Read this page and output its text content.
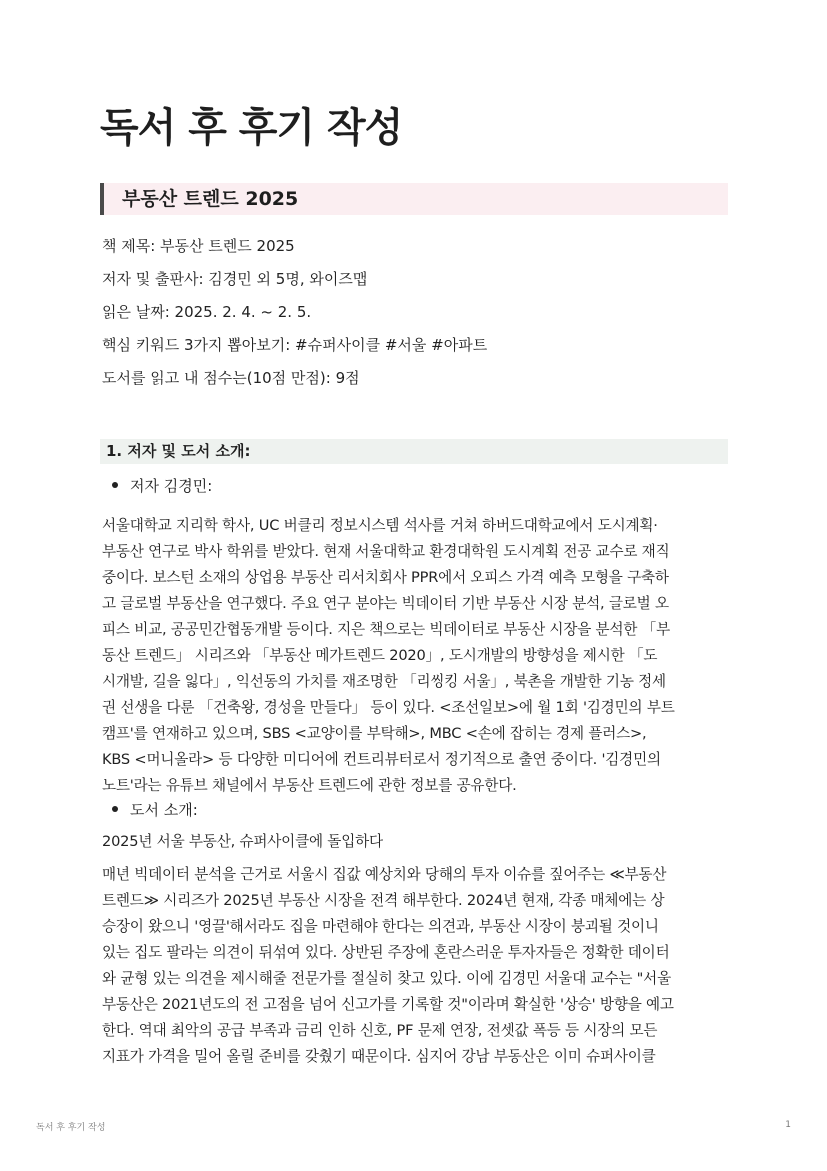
독서 후 후기 작성
부동산 트렌드 2025
책 제목: 부동산 트렌드 2025
저자 및 출판사: 김경민 외 5명, 와이즈맵
읽은 날짜: 2025. 2. 4. ~ 2. 5.
핵심 키워드 3가지 뽑아보기: #슈퍼사이클 #서울 #아파트
도서를 읽고 내 점수는(10점 만점): 9점
1. 저자 및 도서 소개:
저자 김경민:
서울대학교 지리학 학사, UC 버클리 정보시스템 석사를 거쳐 하버드대학교에서 도시계획·
부동산 연구로 박사 학위를 받았다. 현재 서울대학교 환경대학원 도시계획 전공 교수로 재직
중이다. 보스턴 소재의 상업용 부동산 리서치회사 PPR에서 오피스 가격 예측 모형을 구축하
고 글로벌 부동산을 연구했다. 주요 연구 분야는 빅데이터 기반 부동산 시장 분석, 글로벌 오
피스 비교, 공공민간협동개발 등이다. 지은 책으로는 빅데이터로 부동산 시장을 분석한 「부
동산 트렌드」 시리즈와 「부동산 메가트렌드 2020」, 도시개발의 방향성을 제시한 「도
시개발, 길을 잃다」, 익선동의 가치를 재조명한 「리씽킹 서울」, 북촌을 개발한 기농 정세
권 선생을 다룬 「건축왕, 경성을 만들다」 등이 있다. <조선일보>에 월 1회 '김경민의 부트
캠프'를 연재하고 있으며, SBS <교양이를 부탁해>, MBC <손에 잡히는 경제 플러스>,
KBS <머니올라> 등 다양한 미디어에 컨트리뷰터로서 정기적으로 출연 중이다. '김경민의
노트'라는 유튜브 채널에서 부동산 트렌드에 관한 정보를 공유한다.
도서 소개:
2025년 서울 부동산, 슈퍼사이클에 돌입하다
매년 빅데이터 분석을 근거로 서울시 집값 예상치와 당해의 투자 이슈를 짚어주는 ≪부동산
트렌드≫ 시리즈가 2025년 부동산 시장을 전격 해부한다. 2024년 현재, 각종 매체에는 상
승장이 왔으니 '영끌'해서라도 집을 마련해야 한다는 의견과, 부동산 시장이 붕괴될 것이니
있는 집도 팔라는 의견이 뒤섞여 있다. 상반된 주장에 혼란스러운 투자자들은 정확한 데이터
와 균형 있는 의견을 제시해줄 전문가를 절실히 찾고 있다. 이에 김경민 서울대 교수는 "서울
부동산은 2021년도의 전 고점을 넘어 신고가를 기록할 것"이라며 확실한 '상승' 방향을 예고
한다. 역대 최악의 공급 부족과 금리 인하 신호, PF 문제 연장, 전셋값 폭등 등 시장의 모든
지표가 가격을 밀어 올릴 준비를 갖췄기 때문이다. 심지어 강남 부동산은 이미 슈퍼사이클
독서 후 후기 작성	1
